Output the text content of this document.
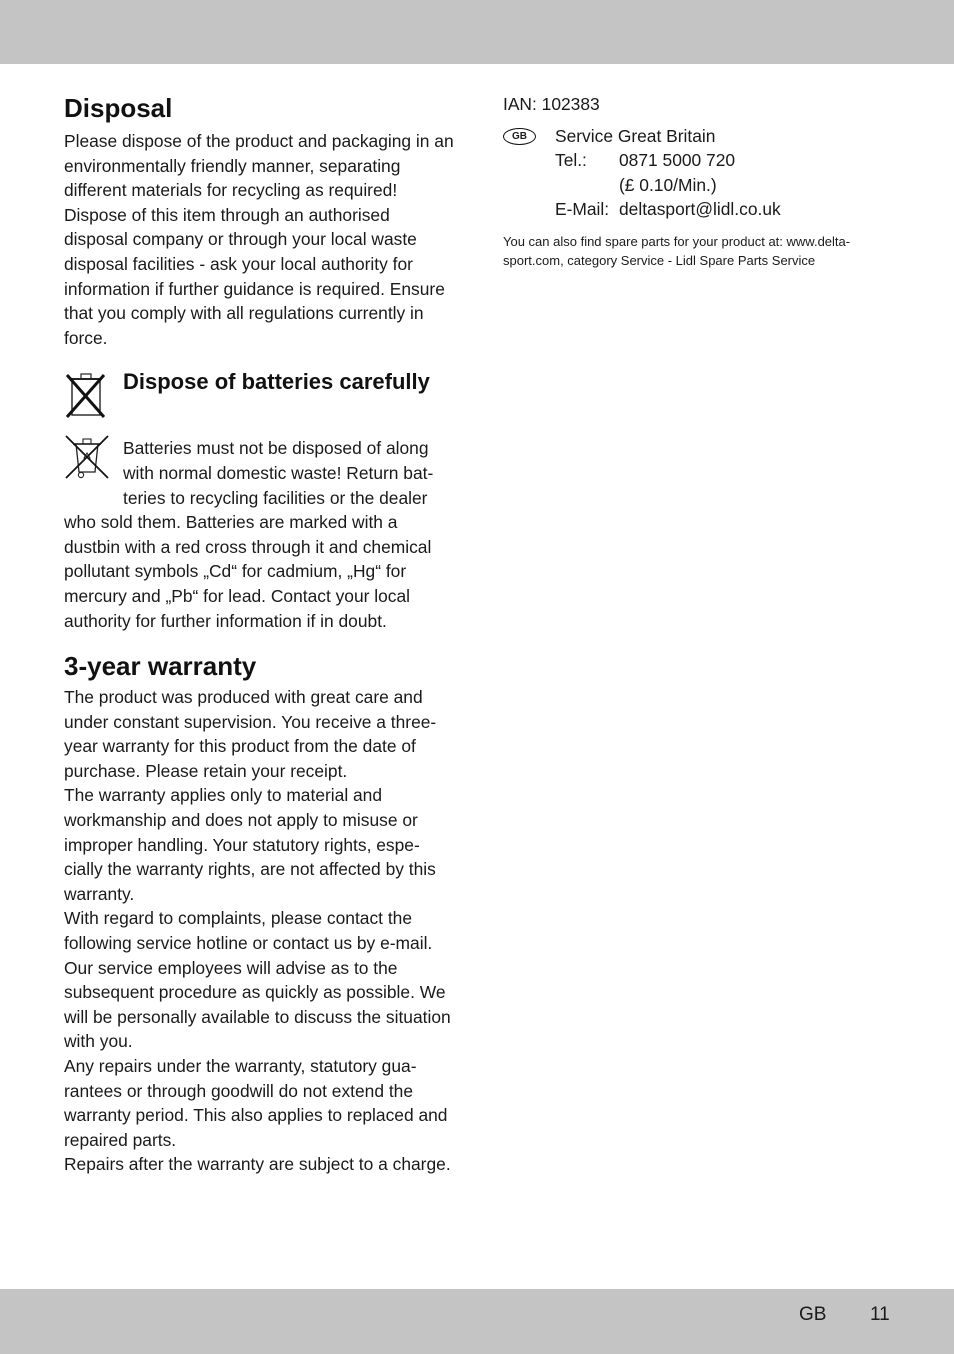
Disposal

Please dispose of the product and packaging in an environmentally friendly manner, separating different materials for recycling as required! Dispose of this item through an authorised disposal company or through your local waste disposal facilities - ask your local authority for information if further guidance is required. Ensure that you comply with all regulations currently in force.

Dispose of batteries carefully

Batteries must not be disposed of along with normal domestic waste! Return bat-teries to recycling facilities or the dealer

who sold them. Batteries are marked with a dustbin with a red cross through it and chemical pollutant symbols „Cd“ for cadmium, „Hg“ for mercury and „Pb“ for lead. Contact your local authority for further information if in doubt.

3-year warranty

The product was produced with great care and under constant supervision. You receive a three-year warranty for this product from the date of purchase. Please retain your receipt.

The warranty applies only to material and workmanship and does not apply to misuse or improper handling. Your statutory rights, espe-cially the warranty rights, are not affected by this warranty.

With regard to complaints, please contact the following service hotline or contact us by e-mail. Our service employees will advise as to the subsequent procedure as quickly as possible. We will be personally available to discuss the situation with you.

Any repairs under the warranty, statutory gua-rantees or through goodwill do not extend the warranty period. This also applies to replaced and repaired parts.

Repairs after the warranty are subject to a charge.

IAN: 102383
GB	Service Great Britain
Tel.:	0871 5000 720
(£ 0.10/Min.)
E-Mail: deltasport@lidl.co.uk
You can also find spare parts for your product at: www.delta-sport.com, category Service - Lidl Spare Parts Service
GB 11
